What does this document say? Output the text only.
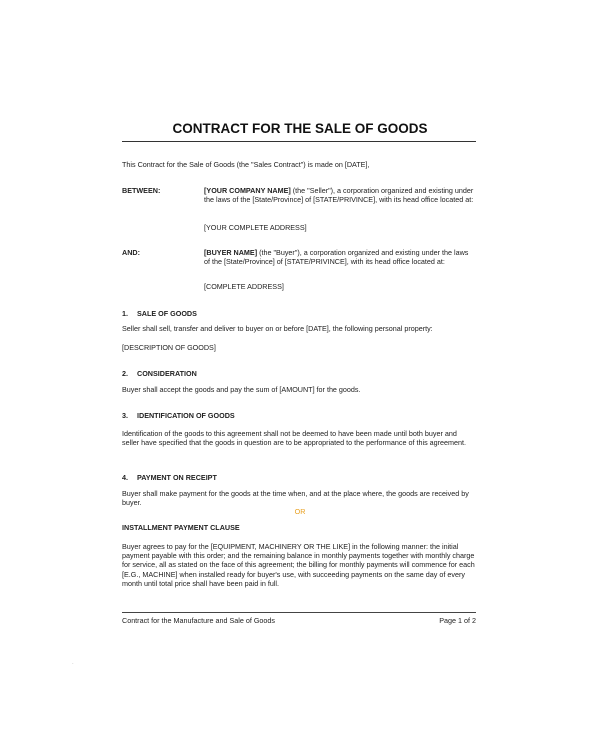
CONTRACT FOR THE SALE OF GOODS
This Contract for the Sale of Goods (the "Sales Contract") is made on [DATE],
BETWEEN:	[YOUR COMPANY NAME] (the "Seller"), a corporation organized and existing under the laws of the [State/Province] of [STATE/PRIVINCE], with its head office located at:
[YOUR COMPLETE ADDRESS]
AND:	[BUYER NAME] (the "Buyer"), a corporation organized and existing under the laws of the [State/Province] of [STATE/PRIVINCE], with its head office located at:
[COMPLETE ADDRESS]
1. SALE OF GOODS
Seller shall sell, transfer and deliver to buyer on or before [DATE], the following personal property:
[DESCRIPTION OF GOODS]
2. CONSIDERATION
Buyer shall accept the goods and pay the sum of [AMOUNT] for the goods.
3. IDENTIFICATION OF GOODS
Identification of the goods to this agreement shall not be deemed to have been made until both buyer and seller have specified that the goods in question are to be appropriated to the performance of this agreement.
4. PAYMENT ON RECEIPT
Buyer shall make payment for the goods at the time when, and at the place where, the goods are received by buyer.
OR
INSTALLMENT PAYMENT CLAUSE
Buyer agrees to pay for the [EQUIPMENT, MACHINERY OR THE LIKE] in the following manner: the initial payment payable with this order; and the remaining balance in monthly payments together with monthly charge for service, all as stated on the face of this agreement; the billing for monthly payments will commence for each [E.G., MACHINE] when installed ready for buyer's use, with succeeding payments on the same day of every month until total price shall have been paid in full.
Contract for the Manufacture and Sale of Goods	Page 1 of 2
.
